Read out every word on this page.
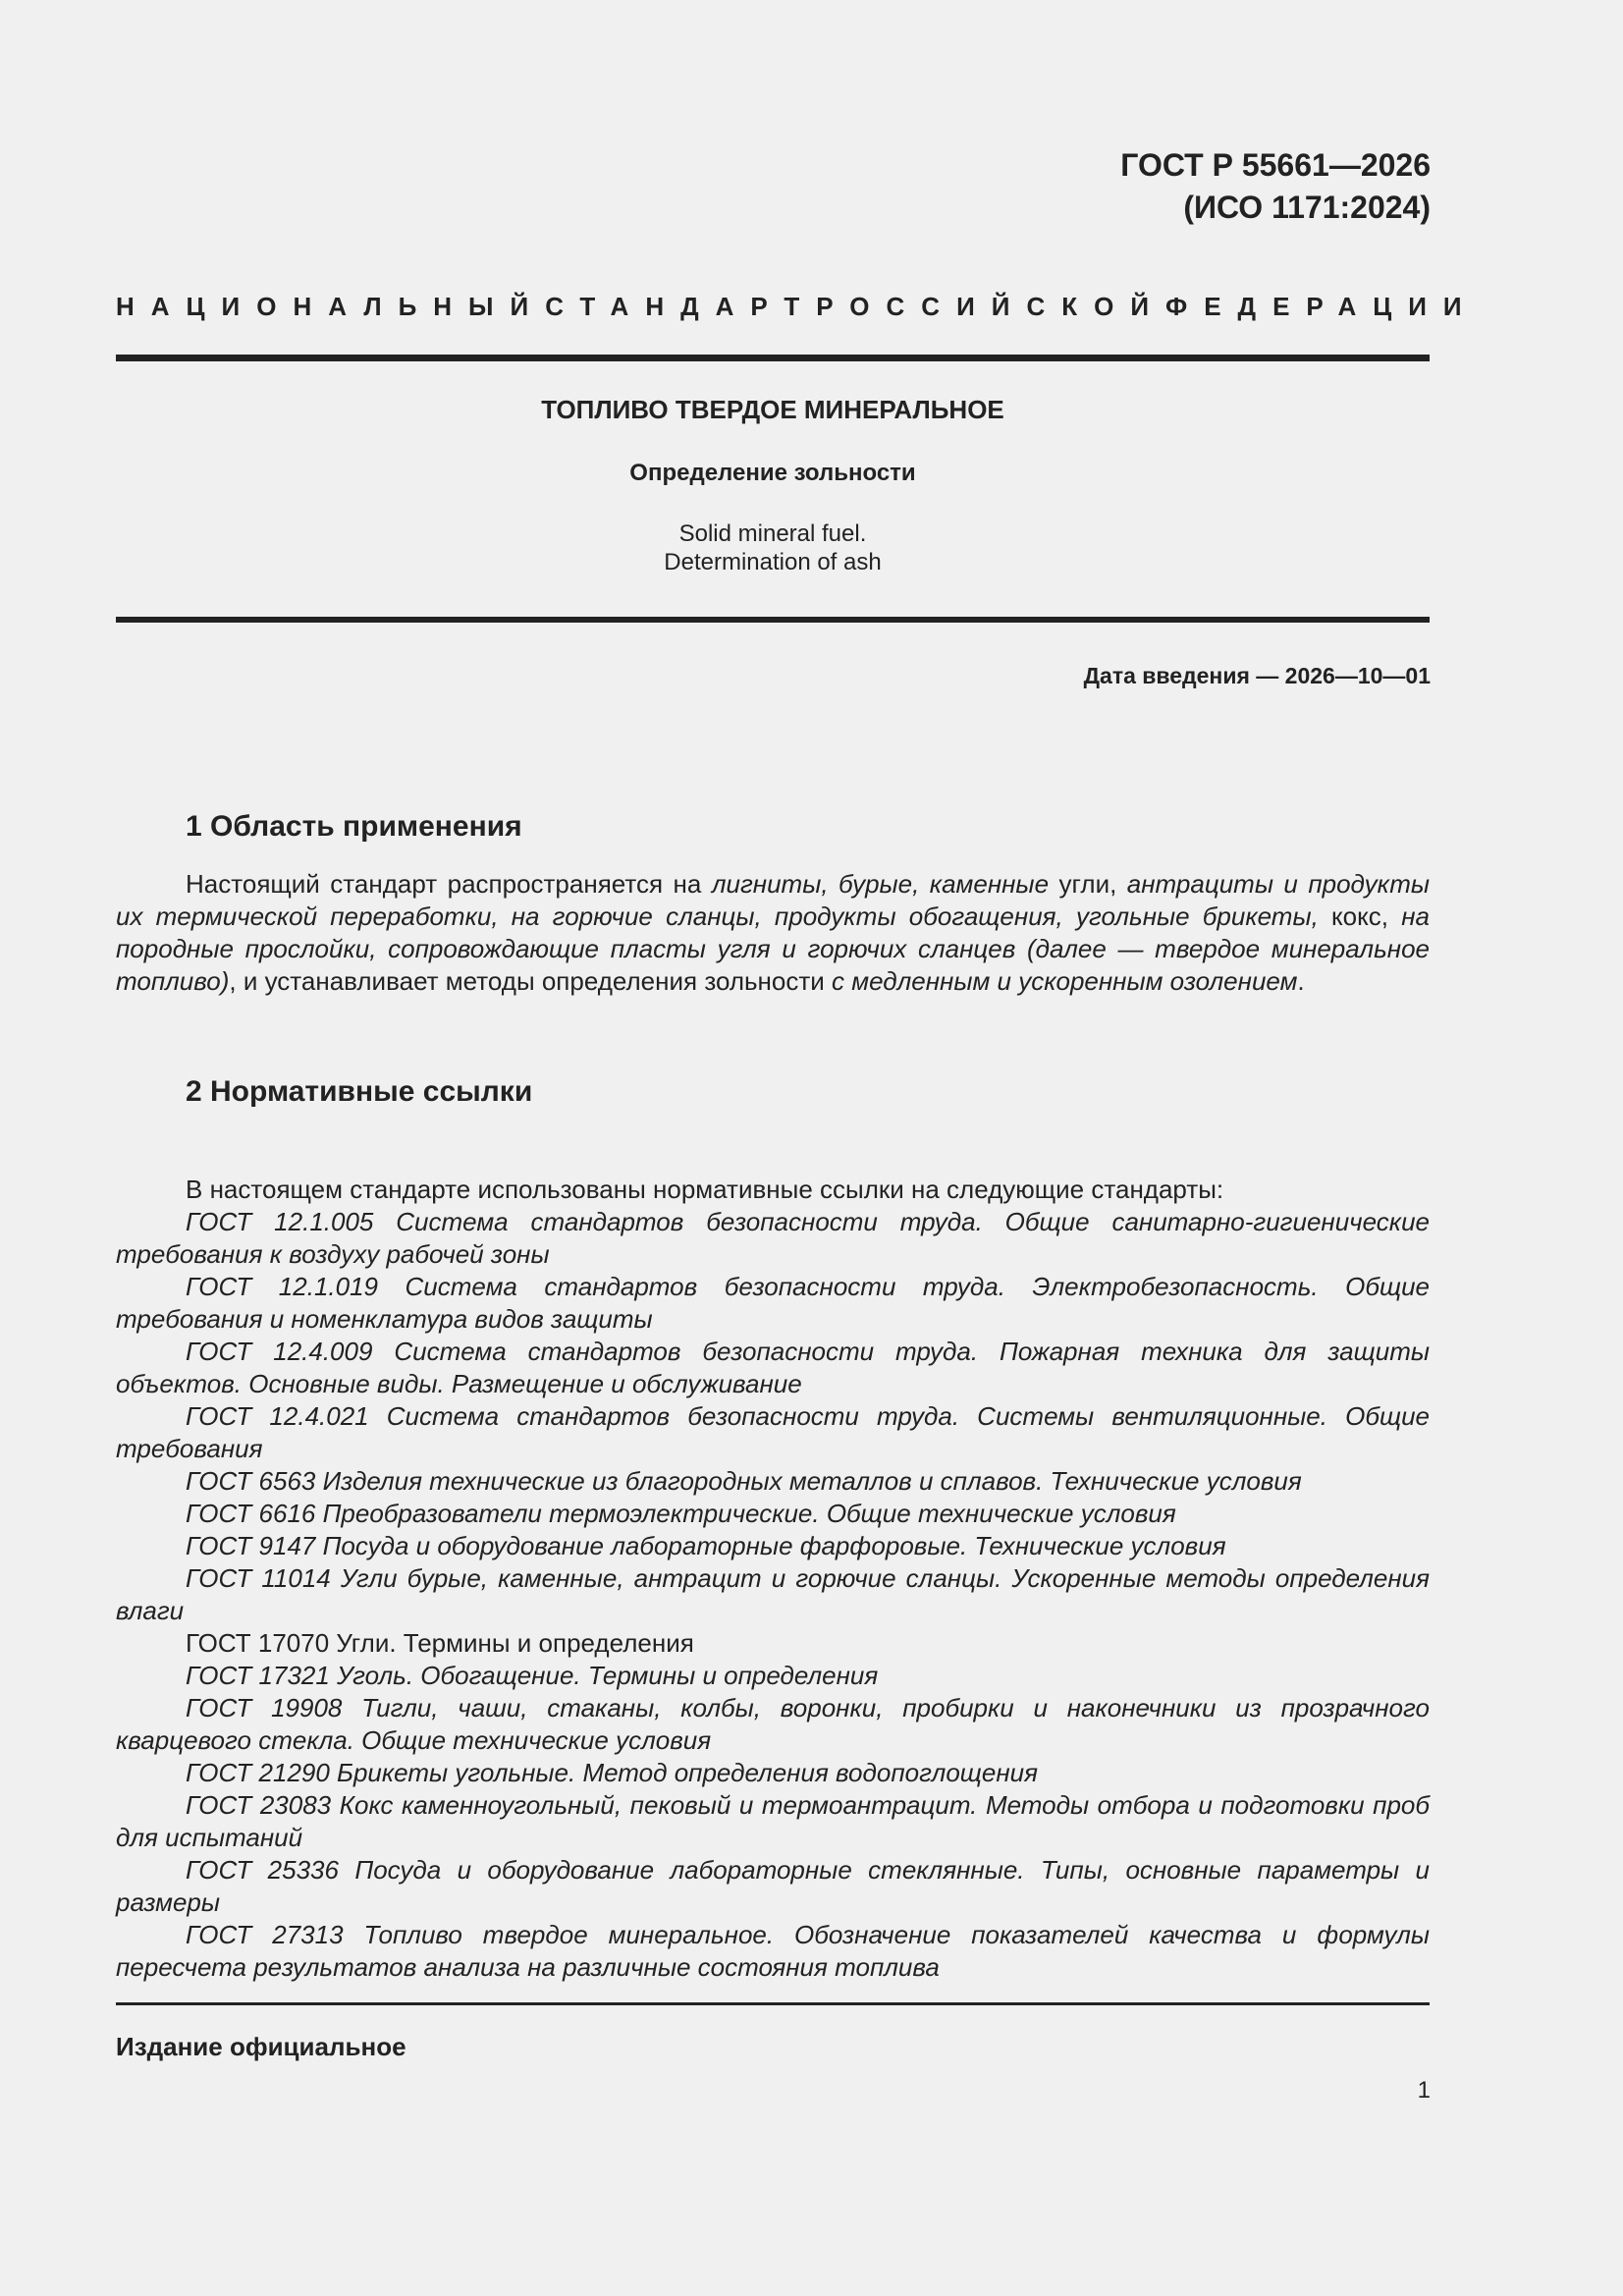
ГОСТ Р 55661—2026
(ИСО 1171:2024)
НАЦИОНАЛЬНЫЙ СТАНДАРТ РОССИЙСКОЙ ФЕДЕРАЦИИ
ТОПЛИВО ТВЕРДОЕ МИНЕРАЛЬНОЕ
Определение зольности
Solid mineral fuel.
Determination of ash
Дата введения — 2026—10—01
1 Область применения

Настоящий стандарт распространяется на лигниты, бурые, каменные угли, антрациты и продукты их термической переработки, на горючие сланцы, продукты обогащения, угольные брикеты, кокс, на породные прослойки, сопровождающие пласты угля и горючих сланцев (далее — твердое минеральное топливо), и устанавливает методы определения зольности с медленным и ускоренным озолением.

2 Нормативные ссылки

В настоящем стандарте использованы нормативные ссылки на следующие стандарты:

ГОСТ 12.1.005 Система стандартов безопасности труда. Общие санитарно-гигиенические требования к воздуху рабочей зоны

ГОСТ 12.1.019 Система стандартов безопасности труда. Электробезопасность. Общие требования и номенклатура видов защиты

ГОСТ 12.4.009 Система стандартов безопасности труда. Пожарная техника для защиты объектов. Основные виды. Размещение и обслуживание

ГОСТ 12.4.021 Система стандартов безопасности труда. Системы вентиляционные. Общие требования

ГОСТ 6563 Изделия технические из благородных металлов и сплавов. Технические условия

ГОСТ 6616 Преобразователи термоэлектрические. Общие технические условия

ГОСТ 9147 Посуда и оборудование лабораторные фарфоровые. Технические условия

ГОСТ 11014 Угли бурые, каменные, антрацит и горючие сланцы. Ускоренные методы определения влаги

ГОСТ 17070 Угли. Термины и определения

ГОСТ 17321 Уголь. Обогащение. Термины и определения

ГОСТ 19908 Тигли, чаши, стаканы, колбы, воронки, пробирки и наконечники из прозрачного кварцевого стекла. Общие технические условия

ГОСТ 21290 Брикеты угольные. Метод определения водопоглощения

ГОСТ 23083 Кокс каменноугольный, пековый и термоантрацит. Методы отбора и подготовки проб для испытаний

ГОСТ 25336 Посуда и оборудование лабораторные стеклянные. Типы, основные параметры и размеры

ГОСТ 27313 Топливо твердое минеральное. Обозначение показателей качества и формулы пересчета результатов анализа на различные состояния топлива

Издание официальное
1
